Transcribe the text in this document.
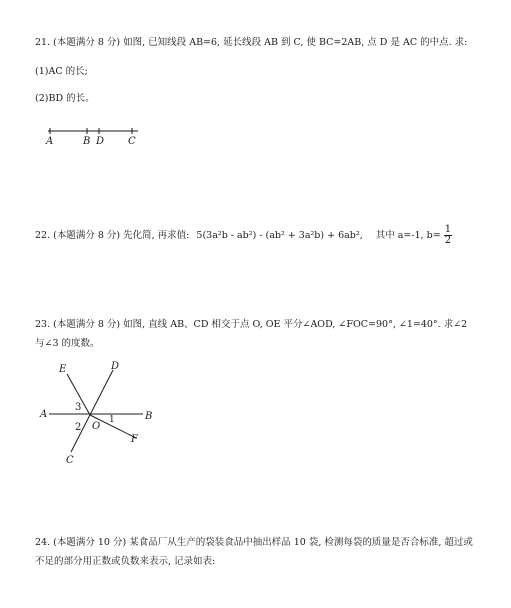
21. (本题满分 8 分) 如图, 已知线段 AB=6, 延长线段 AB 到 C, 使 BC=2AB, 点 D 是 AC 的中点. 求:
(1)AC 的长;
(2)BD 的长。
A	B D C
22. (本题满分 8 分) 先化简, 再求值: 5(3a²b - ab²) - (ab² + 3a²b) + 6ab², 其中 a=-1, $b= \frac{1}{2}$
23. (本题满分 8 分) 如图, 直线 AB、CD 相交于点 O, OE 平分∠AOD, ∠FOC=90°, ∠1=40°. 求∠2 与∠3 的度数。
E	D
A	B
3
1
2 O
F
C
24. (本题满分 10 分) 某食品厂从生产的袋装食品中抽出样品 10 袋, 检测每袋的质量是否合标准, 超过或不足的部分用正数或负数来表示, 记录如表:
